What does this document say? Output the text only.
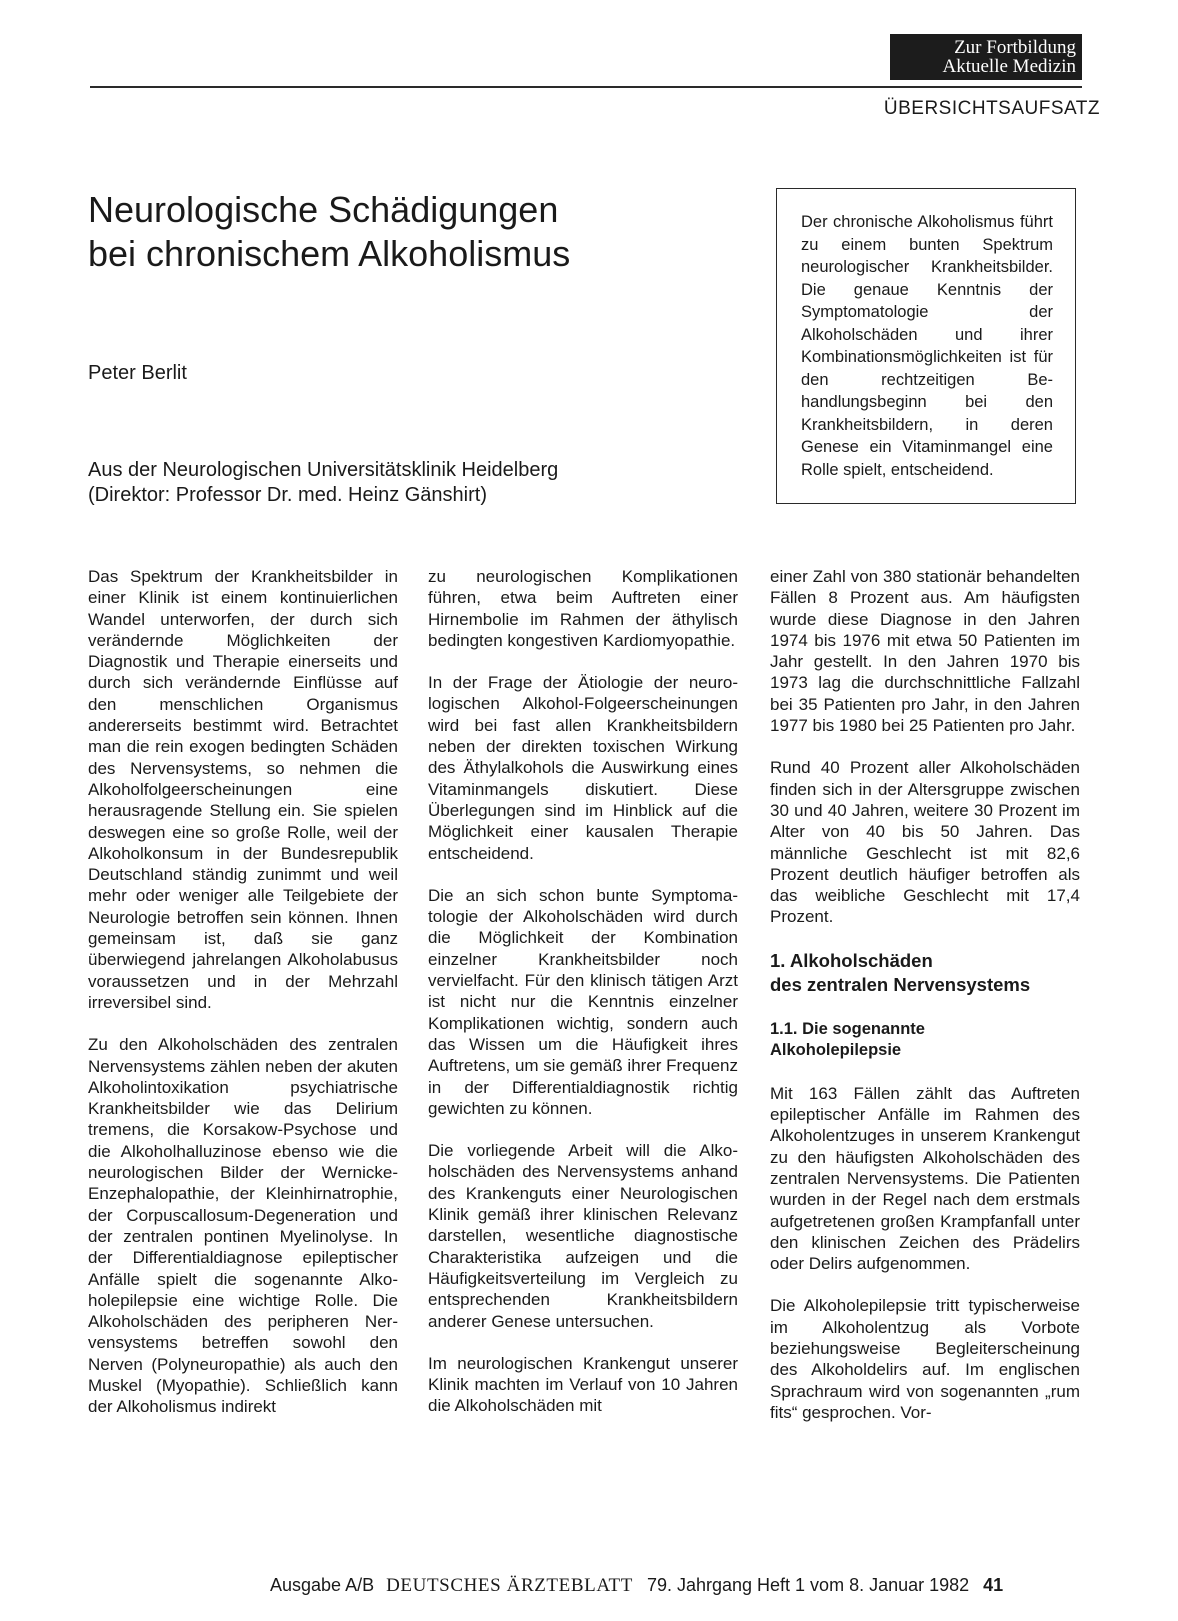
Zur Fortbildung
Aktuelle Medizin
ÜBERSICHTSAUFSATZ
Neurologische Schädigungen
bei chronischem Alkoholismus
Peter Berlit
Aus der Neurologischen Universitätsklinik Heidelberg
(Direktor: Professor Dr. med. Heinz Gänshirt)
Der chronische Alkoholismus führt zu einem bunten Spektrum neurologischer Krankheitsbilder. Die genaue Kenntnis der Symptomatologie der Alkoholschäden und ihrer Kombinationsmöglichkeiten ist für den rechtzeitigen Behandlungsbeginn bei den Krankheitsbildern, in deren Genese ein Vitaminmangel eine Rolle spielt, entscheidend.

Das Spektrum der Krankheitsbilder in einer Klinik ist einem kontinuierlichen Wandel unterworfen, der durch sich verändernde Möglichkeiten der Diagnostik und Therapie einerseits und durch sich verändernde Einflüsse auf den menschlichen Organismus andererseits bestimmt wird. Betrachtet man die rein exogen bedingten Schäden des Nervensystems, so nehmen die Alkoholfolgeerscheinungen eine herausragende Stellung ein. Sie spielen deswegen eine so große Rolle, weil der Alkoholkonsum in der Bundesrepublik Deutschland ständig zunimmt und weil mehr oder weniger alle Teilgebiete der Neurologie betroffen sein können. Ihnen gemeinsam ist, daß sie ganz überwiegend jahrelangen Alkoholabusus voraussetzen und in der Mehrzahl irreversibel sind.

Zu den Alkoholschäden des zentralen Nervensystems zählen neben der akuten Alkoholintoxikation psychiatrische Krankheitsbilder wie das Delirium tremens, die Korsakow-Psychose und die Alkoholhalluzinose ebenso wie die neurologischen Bilder der Wernicke-Enzephalopathie, der Kleinhirnatrophie, der Corpuscallosum-Degeneration und der zentralen pontinen Myelinolyse. In der Differentialdiagnose epileptischer Anfälle spielt die sogenannte Alkoholepilepsie eine wichtige Rolle. Die Alkoholschäden des peripheren Nervensystems betreffen sowohl den Nerven (Polyneuropathie) als auch den Muskel (Myopathie). Schließlich kann der Alkoholismus indirekt

zu neurologischen Komplikationen führen, etwa beim Auftreten einer Hirnembolie im Rahmen der äthylisch bedingten kongestiven Kardiomyopathie.

In der Frage der Ätiologie der neurologischen Alkohol-Folgeerscheinungen wird bei fast allen Krankheitsbildern neben der direkten toxischen Wirkung des Äthylalkohols die Auswirkung eines Vitaminmangels diskutiert. Diese Überlegungen sind im Hinblick auf die Möglichkeit einer kausalen Therapie entscheidend.

Die an sich schon bunte Symptomatologie der Alkoholschäden wird durch die Möglichkeit der Kombination einzelner Krankheitsbilder noch vervielfacht. Für den klinisch tätigen Arzt ist nicht nur die Kenntnis einzelner Komplikationen wichtig, sondern auch das Wissen um die Häufigkeit ihres Auftretens, um sie gemäß ihrer Frequenz in der Differentialdiagnostik richtig gewichten zu können.

Die vorliegende Arbeit will die Alkoholschäden des Nervensystems anhand des Krankenguts einer Neurologischen Klinik gemäß ihrer klinischen Relevanz darstellen, wesentliche diagnostische Charakteristika aufzeigen und die Häufigkeitsverteilung im Vergleich zu entsprechenden Krankheitsbildern anderer Genese untersuchen.

Im neurologischen Krankengut unserer Klinik machten im Verlauf von 10 Jahren die Alkoholschäden mit

einer Zahl von 380 stationär behandelten Fällen 8 Prozent aus. Am häufigsten wurde diese Diagnose in den Jahren 1974 bis 1976 mit etwa 50 Patienten im Jahr gestellt. In den Jahren 1970 bis 1973 lag die durchschnittliche Fallzahl bei 35 Patienten pro Jahr, in den Jahren 1977 bis 1980 bei 25 Patienten pro Jahr.

Rund 40 Prozent aller Alkoholschäden finden sich in der Altersgruppe zwischen 30 und 40 Jahren, weitere 30 Prozent im Alter von 40 bis 50 Jahren. Das männliche Geschlecht ist mit 82,6 Prozent deutlich häufiger betroffen als das weibliche Geschlecht mit 17,4 Prozent.

1. Alkoholschäden
des zentralen Nervensystems
1.1. Die sogenannte
Alkoholepilepsie

Mit 163 Fällen zählt das Auftreten epileptischer Anfälle im Rahmen des Alkoholentzuges in unserem Krankengut zu den häufigsten Alkoholschäden des zentralen Nervensystems. Die Patienten wurden in der Regel nach dem erstmals aufgetretenen großen Krampfanfall unter den klinischen Zeichen des Prädelirs oder Delirs aufgenommen.

Die Alkoholepilepsie tritt typischerweise im Alkoholentzug als Vorbote beziehungsweise Begleiterscheinung des Alkoholdelirs auf. Im englischen Sprachraum wird von sogenannten „rum fits“ gesprochen. Vor-

Ausgabe A/B DEUTSCHES ÄRZTEBLATT 79. Jahrgang Heft 1 vom 8. Januar 1982 41
